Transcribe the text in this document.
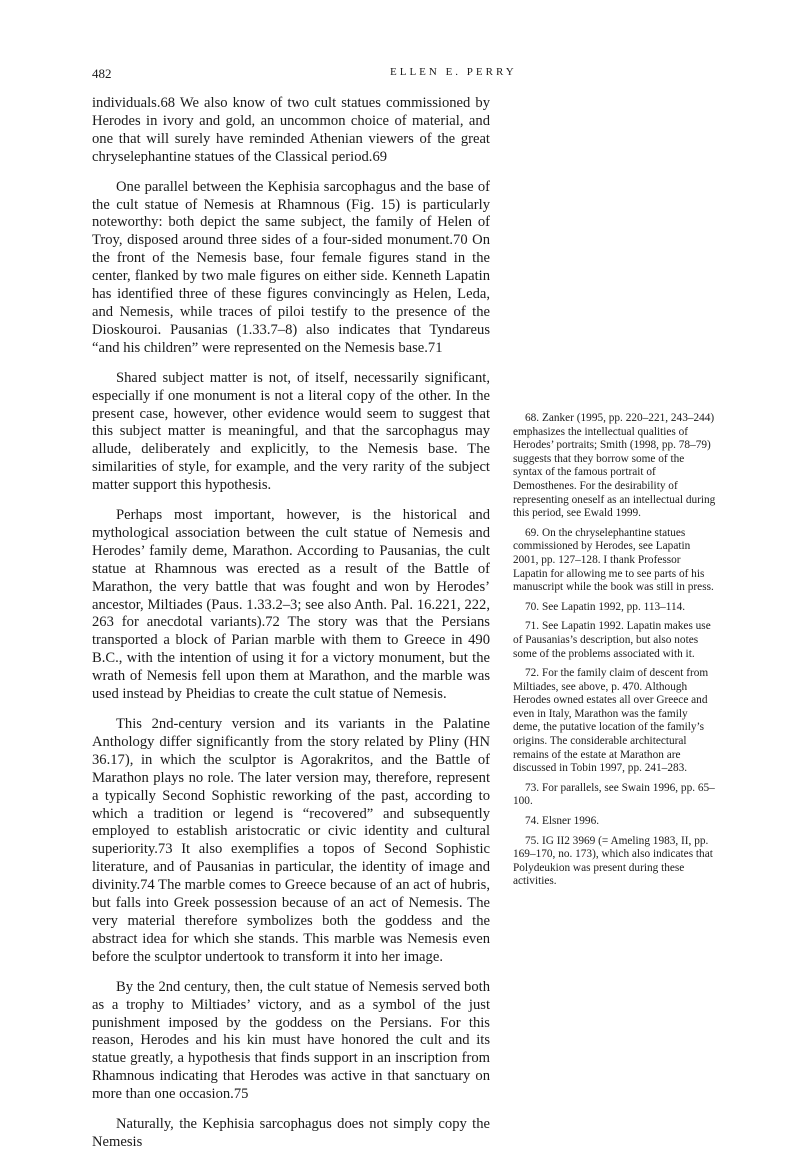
482	ELLEN E. PERRY

individuals.68 We also know of two cult statues commissioned by Herodes in ivory and gold, an uncommon choice of material, and one that will surely have reminded Athenian viewers of the great chryselephantine statues of the Classical period.69

One parallel between the Kephisia sarcophagus and the base of the cult statue of Nemesis at Rhamnous (Fig. 15) is particularly noteworthy: both depict the same subject, the family of Helen of Troy, disposed around three sides of a four-sided monument.70 On the front of the Nemesis base, four female figures stand in the center, flanked by two male figures on either side. Kenneth Lapatin has identified three of these figures convincingly as Helen, Leda, and Nemesis, while traces of piloi testify to the presence of the Dioskouroi. Pausanias (1.33.7–8) also indicates that Tyndareus “and his children” were represented on the Nemesis base.71

Shared subject matter is not, of itself, necessarily significant, especially if one monument is not a literal copy of the other. In the present case, however, other evidence would seem to suggest that this subject matter is meaningful, and that the sarcophagus may allude, deliberately and explicitly, to the Nemesis base. The similarities of style, for example, and the very rarity of the subject matter support this hypothesis.

Perhaps most important, however, is the historical and mythological association between the cult statue of Nemesis and Herodes’ family deme, Marathon. According to Pausanias, the cult statue at Rhamnous was erected as a result of the Battle of Marathon, the very battle that was fought and won by Herodes’ ancestor, Miltiades (Paus. 1.33.2–3; see also Anth. Pal. 16.221, 222, 263 for anecdotal variants).72 The story was that the Persians transported a block of Parian marble with them to Greece in 490 B.C., with the intention of using it for a victory monument, but the wrath of Nemesis fell upon them at Marathon, and the marble was used instead by Pheidias to create the cult statue of Nemesis.

This 2nd-century version and its variants in the Palatine Anthology differ significantly from the story related by Pliny (HN 36.17), in which the sculptor is Agorakritos, and the Battle of Marathon plays no role. The later version may, therefore, represent a typically Second Sophistic reworking of the past, according to which a tradition or legend is “recovered” and subsequently employed to establish aristocratic or civic identity and cultural superiority.73 It also exemplifies a topos of Second Sophistic literature, and of Pausanias in particular, the identity of image and divinity.74 The marble comes to Greece because of an act of hubris, but falls into Greek possession because of an act of Nemesis. The very material therefore symbolizes both the goddess and the abstract idea for which she stands. This marble was Nemesis even before the sculptor undertook to transform it into her image.

By the 2nd century, then, the cult statue of Nemesis served both as a trophy to Miltiades’ victory, and as a symbol of the just punishment imposed by the goddess on the Persians. For this reason, Herodes and his kin must have honored the cult and its statue greatly, a hypothesis that finds support in an inscription from Rhamnous indicating that Herodes was active in that sanctuary on more than one occasion.75

Naturally, the Kephisia sarcophagus does not simply copy the Nemesis

68. Zanker (1995, pp. 220–221, 243–244) emphasizes the intellectual qualities of Herodes’ portraits; Smith (1998, pp. 78–79) suggests that they borrow some of the syntax of the famous portrait of Demosthenes. For the desirability of representing oneself as an intellectual during this period, see Ewald 1999.

69. On the chryselephantine statues commissioned by Herodes, see Lapatin 2001, pp. 127–128. I thank Professor Lapatin for allowing me to see parts of his manuscript while the book was still in press.

70. See Lapatin 1992, pp. 113–114.

71. See Lapatin 1992. Lapatin makes use of Pausanias’s description, but also notes some of the problems associated with it.

72. For the family claim of descent from Miltiades, see above, p. 470. Although Herodes owned estates all over Greece and even in Italy, Marathon was the family deme, the putative location of the family’s origins. The considerable architectural remains of the estate at Marathon are discussed in Tobin 1997, pp. 241–283.

73. For parallels, see Swain 1996, pp. 65–100.

74. Elsner 1996.

75. IG II2 3969 (= Ameling 1983, II, pp. 169–170, no. 173), which also indicates that Polydeukion was present during these activities.
